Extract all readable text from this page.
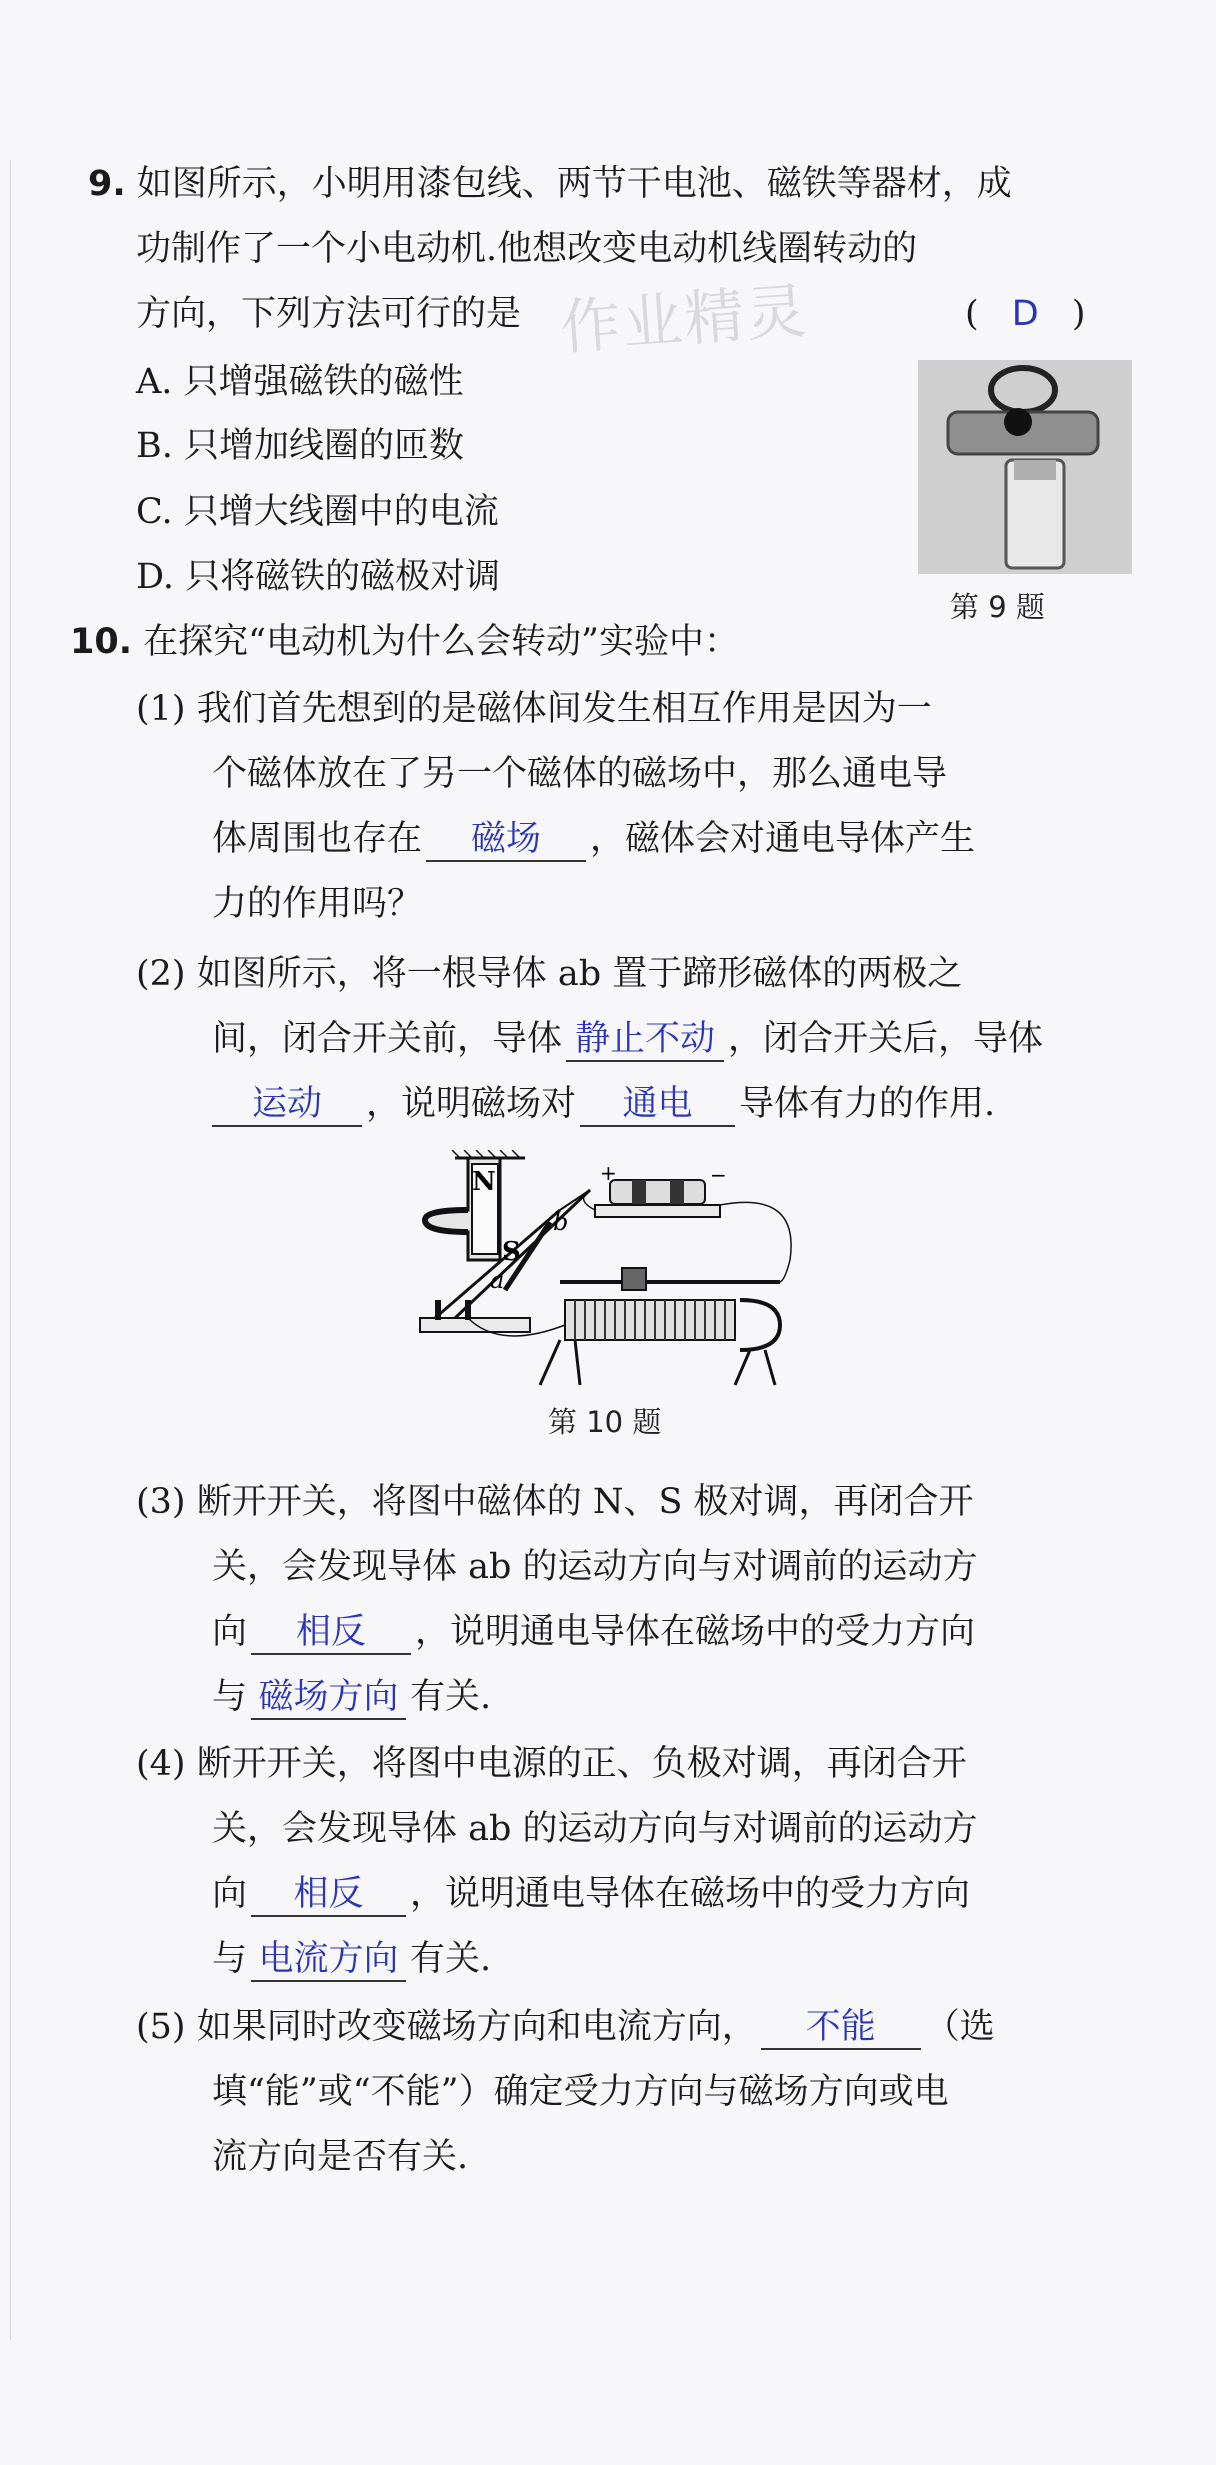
9. 如图所示，小明用漆包线、两节干电池、磁铁等器材，成
功制作了一个小电动机.他想改变电动机线圈转动的
方向，下列方法可行的是	( D )
作业精灵
A. 只增强磁铁的磁性
B. 只增加线圈的匝数
C. 只增大线圈中的电流
D. 只将磁铁的磁极对调
第 9 题
10. 在探究“电动机为什么会转动”实验中：
(1) 我们首先想到的是磁体间发生相互作用是因为一
个磁体放在了另一个磁体的磁场中，那么通电导
体周围也存在 磁场 ，磁体会对通电导体产生
力的作用吗？
(2) 如图所示，将一根导体 ab 置于蹄形磁体的两极之
间，闭合开关前，导体 静止不动 ，闭合开关后，导体
运动 ，说明磁场对 通电 导体有力的作用.
N
S
a
b
+	−
第 10 题
(3) 断开开关，将图中磁体的 N、S 极对调，再闭合开
关，会发现导体 ab 的运动方向与对调前的运动方
向 相反 ，说明通电导体在磁场中的受力方向
与 磁场方向 有关.
(4) 断开开关，将图中电源的正、负极对调，再闭合开
关，会发现导体 ab 的运动方向与对调前的运动方
向 相反 ，说明通电导体在磁场中的受力方向
与 电流方向 有关.
(5) 如果同时改变磁场方向和电流方向， 不能 （选
填“能”或“不能”）确定受力方向与磁场方向或电
流方向是否有关.
